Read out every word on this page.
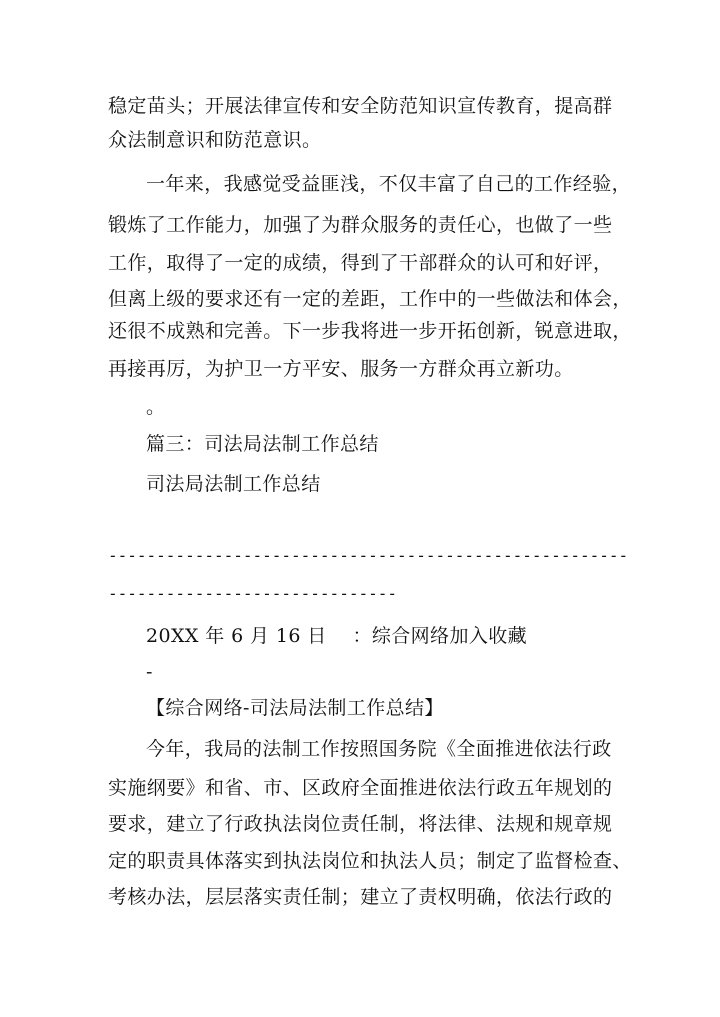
稳定苗头；开展法律宣传和安全防范知识宣传教育，提高群
众法制意识和防范意识。
一年来，我感觉受益匪浅，不仅丰富了自己的工作经验，
锻炼了工作能力，加强了为群众服务的责任心，也做了一些
工作，取得了一定的成绩，得到了干部群众的认可和好评，
但离上级的要求还有一定的差距，工作中的一些做法和体会，
还很不成熟和完善。下一步我将进一步开拓创新，锐意进取，
再接再厉，为护卫一方平安、服务一方群众再立新功。
。
篇三：司法局法制工作总结
司法局法制工作总结
------------------------------------------------------
------------------------------
20XX 年 6 月 16 日    ：综合网络加入收藏
-
【综合网络-司法局法制工作总结】
今年，我局的法制工作按照国务院《全面推进依法行政
实施纲要》和省、市、区政府全面推进依法行政五年规划的
要求，建立了行政执法岗位责任制，将法律、法规和规章规
定的职责具体落实到执法岗位和执法人员；制定了监督检查、
考核办法，层层落实责任制；建立了责权明确，依法行政的
